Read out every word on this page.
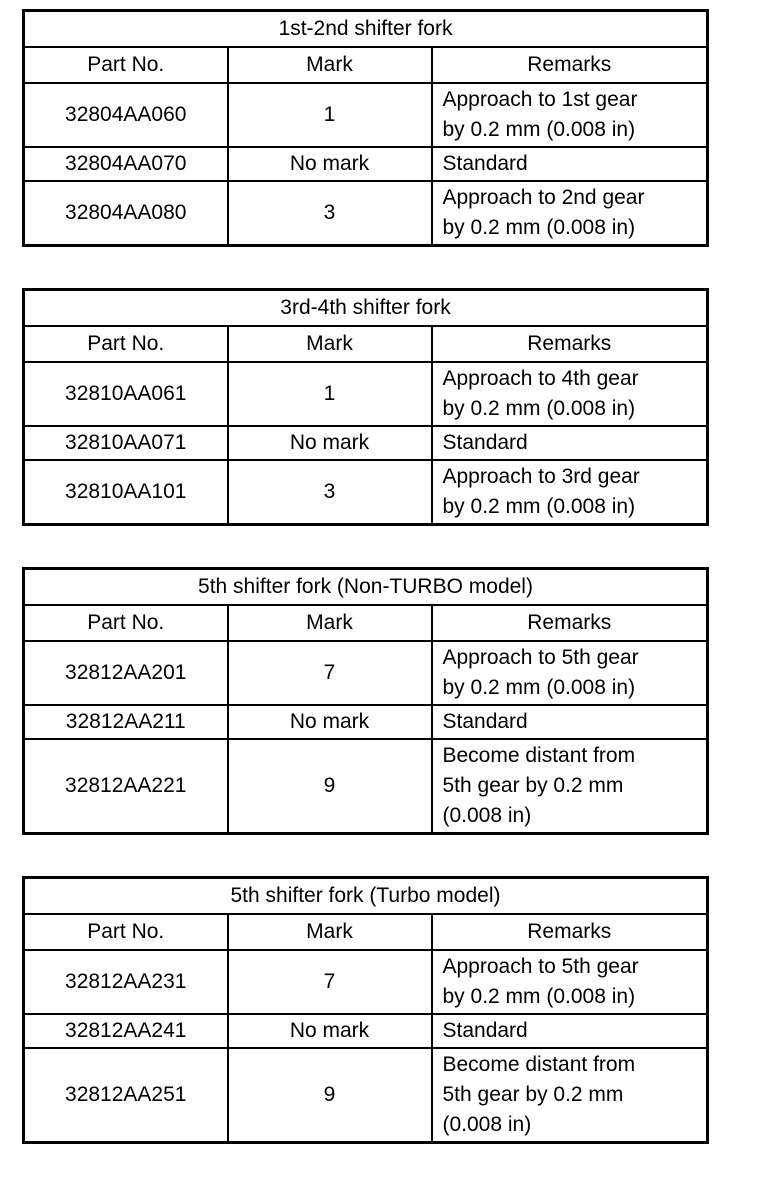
1st-2nd shifter fork		
Part No.	Mark	Remarks
32804AA060	1	Approach to 1st gear
by 0.2 mm (0.008 in)
32804AA070	No mark	Standard
32804AA080	3	Approach to 2nd gear
by 0.2 mm (0.008 in)
3rd-4th shifter fork		
Part No.	Mark	Remarks
32810AA061	1	Approach to 4th gear
by 0.2 mm (0.008 in)
32810AA071	No mark	Standard
32810AA101	3	Approach to 3rd gear
by 0.2 mm (0.008 in)
5th shifter fork (Non-TURBO model)		
Part No.	Mark	Remarks
32812AA201	7	Approach to 5th gear
by 0.2 mm (0.008 in)
32812AA211	No mark	Standard
32812AA221	9	Become distant from
5th gear by 0.2 mm
(0.008 in)
5th shifter fork (Turbo model)		
Part No.	Mark	Remarks
32812AA231	7	Approach to 5th gear
by 0.2 mm (0.008 in)
32812AA241	No mark	Standard
32812AA251	9	Become distant from
5th gear by 0.2 mm
(0.008 in)
